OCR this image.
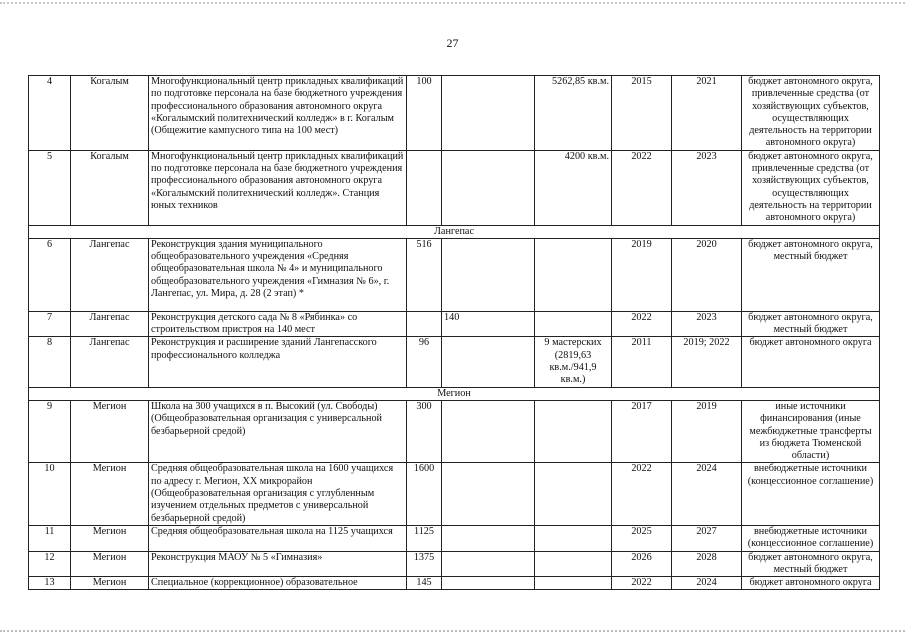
27
4	Когалым	Многофункциональный центр прикладных квалификаций по подготовке персонала на базе бюджетного учреждения профессионального образования автономного округа «Когалымский политехнический колледж» в г. Когалым (Общежитие кампусного типа на 100 мест)	100		5262,85 кв.м.	2015	2021	бюджет автономного округа, привлеченные средства (от хозяйствующих субъектов, осуществляющих деятельность на территории автономного округа)
5	Когалым	Многофункциональный центр прикладных квалификаций по подготовке персонала на базе бюджетного учреждения профессионального образования автономного округа «Когалымский политехнический колледж». Станция юных техников			4200 кв.м.	2022	2023	бюджет автономного округа, привлеченные средства (от хозяйствующих субъектов, осуществляющих деятельность на территории автономного округа)
Лангепас								
6	Лангепас	Реконструкция здания муниципального общеобразовательного учреждения «Средняя общеобразовательная школа № 4» и муниципального общеобразовательного учреждения «Гимназия № 6», г. Лангепас, ул. Мира, д. 28 (2 этап) *	516			2019	2020	бюджет автономного округа, местный бюджет
7	Лангепас	Реконструкция детского сада № 8 «Рябинка» со строительством пристроя на 140 мест		140		2022	2023	бюджет автономного округа, местный бюджет
8	Лангепас	Реконструкция и расширение зданий Лангепасского профессионального колледжа	96		9 мастерских (2819,63 кв.м./941,9 кв.м.)	2011	2019; 2022	бюджет автономного округа
Мегион								
9	Мегион	Школа на 300 учащихся в п. Высокий (ул. Свободы) (Общеобразовательная организация с универсальной безбарьерной средой)	300			2017	2019	иные источники финансирования (иные межбюджетные трансферты из бюджета Тюменской области)
10	Мегион	Средняя общеобразовательная школа на 1600 учащихся по адресу г. Мегион, XX микрорайон (Общеобразовательная организация с углубленным изучением отдельных предметов с универсальной безбарьерной средой)	1600			2022	2024	внебюджетные источники (концессионное соглашение)
11	Мегион	Средняя общеобразовательная школа на 1125 учащихся	1125			2025	2027	внебюджетные источники (концессионное соглашение)
12	Мегион	Реконструкция МАОУ № 5 «Гимназия»	1375			2026	2028	бюджет автономного округа, местный бюджет
13	Мегион	Специальное (коррекционное) образовательное	145			2022	2024	бюджет автономного округа
